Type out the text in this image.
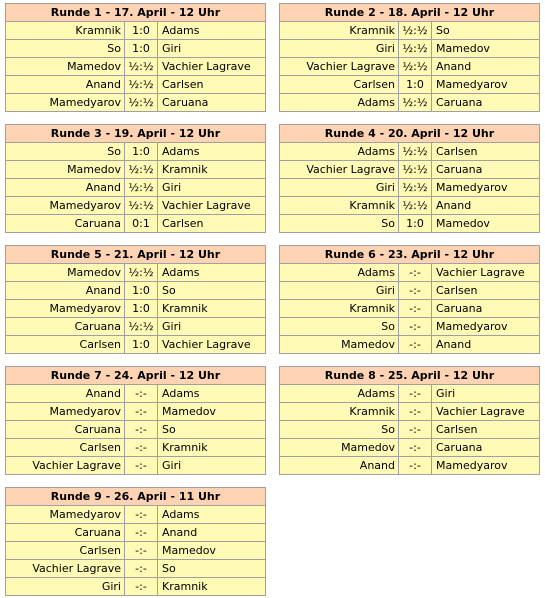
Runde 1 - 17. April - 12 Uhr
Kramnik	1:0	Adams
So	1:0	Giri
Mamedov ½:½ Vachier Lagrave
Anand ½:½ Carlsen
Mamedyarov ½:½ Caruana
Runde 2 - 18. April - 12 Uhr
Kramnik ½:½ So
Giri ½:½ Mamedov
Vachier Lagrave ½:½ Anand
Carlsen	1:0	Mamedyarov
Adams ½:½ Caruana
Runde 3 - 19. April - 12 Uhr
So	1:0	Adams
Mamedov ½:½ Kramnik
Anand ½:½ Giri
Mamedyarov ½:½ Vachier Lagrave
Caruana	0:1	Carlsen
Runde 4 - 20. April - 12 Uhr
Adams ½:½ Carlsen
Vachier Lagrave ½:½ Caruana
Giri ½:½ Mamedyarov
Kramnik ½:½ Anand
So	1:0	Mamedov
Runde 5 - 21. April - 12 Uhr
Mamedov ½:½ Adams
Anand	1:0	So
Mamedyarov	1:0	Kramnik
Caruana ½:½ Giri
Carlsen	1:0	Vachier Lagrave
Runde 6 - 23. April - 12 Uhr
Adams	-:-	Vachier Lagrave
Giri	-:-	Carlsen
Kramnik	-:-	Caruana
So	-:-	Mamedyarov
Mamedov	-:-	Anand
Runde 7 - 24. April - 12 Uhr
Anand	-:-	Adams
Mamedyarov	-:-	Mamedov
Caruana	-:-	So
Carlsen	-:-	Kramnik
Vachier Lagrave	-:-	Giri
Runde 8 - 25. April - 12 Uhr
Adams	-:-	Giri
Kramnik	-:-	Vachier Lagrave
So	-:-	Carlsen
Mamedov	-:-	Caruana
Anand	-:-	Mamedyarov
Runde 9 - 26. April - 11 Uhr
Mamedyarov	-:-	Adams
Caruana	-:-	Anand
Carlsen	-:-	Mamedov
Vachier Lagrave	-:-	So
Giri	-:-	Kramnik
